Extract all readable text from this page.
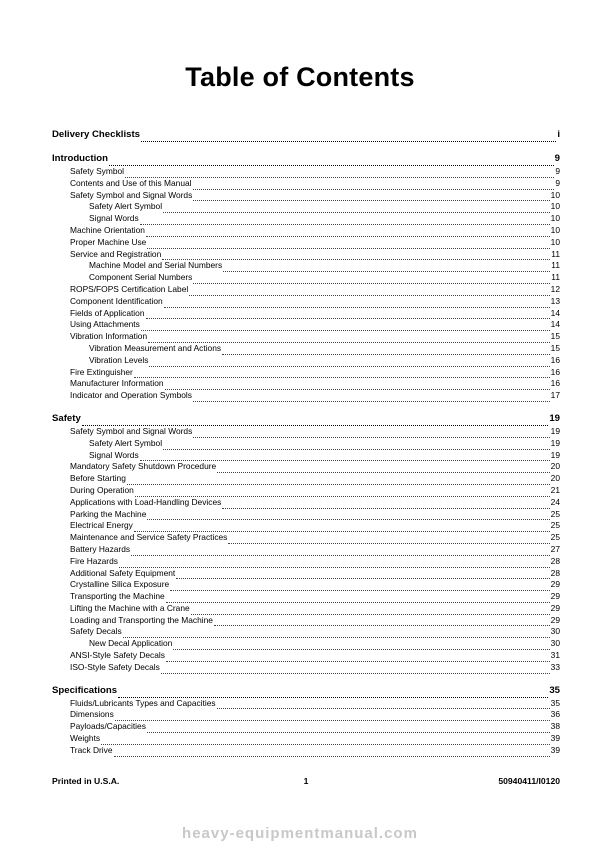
Table of Contents
Delivery Checklists	i
Introduction	9
Safety Symbol	9
Contents and Use of this Manual	9
Safety Symbol and Signal Words	10
Safety Alert Symbol	10
Signal Words	10
Machine Orientation	10
Proper Machine Use	10
Service and Registration	11
Machine Model and Serial Numbers	11
Component Serial Numbers	11
ROPS/FOPS Certification Label	12
Component Identification	13
Fields of Application	14
Using Attachments	14
Vibration Information	15
Vibration Measurement and Actions	15
Vibration Levels	16
Fire Extinguisher	16
Manufacturer Information	16
Indicator and Operation Symbols	17
Safety	19
Safety Symbol and Signal Words	19
Safety Alert Symbol	19
Signal Words	19
Mandatory Safety Shutdown Procedure	20
Before Starting	20
During Operation	21
Applications with Load-Handling Devices	24
Parking the Machine	25
Electrical Energy	25
Maintenance and Service Safety Practices	25
Battery Hazards	27
Fire Hazards	28
Additional Safety Equipment	28
Crystalline Silica Exposure	29
Transporting the Machine	29
Lifting the Machine with a Crane	29
Loading and Transporting the Machine	29
Safety Decals	30
New Decal Application	30
ANSI-Style Safety Decals	31
ISO-Style Safety Decals	33
Specifications	35
Fluids/Lubricants Types and Capacities	35
Dimensions	36
Payloads/Capacities	38
Weights	39
Track Drive	39
Printed in U.S.A.	1	50940411/I0120
heavy-equipmentmanual.com
